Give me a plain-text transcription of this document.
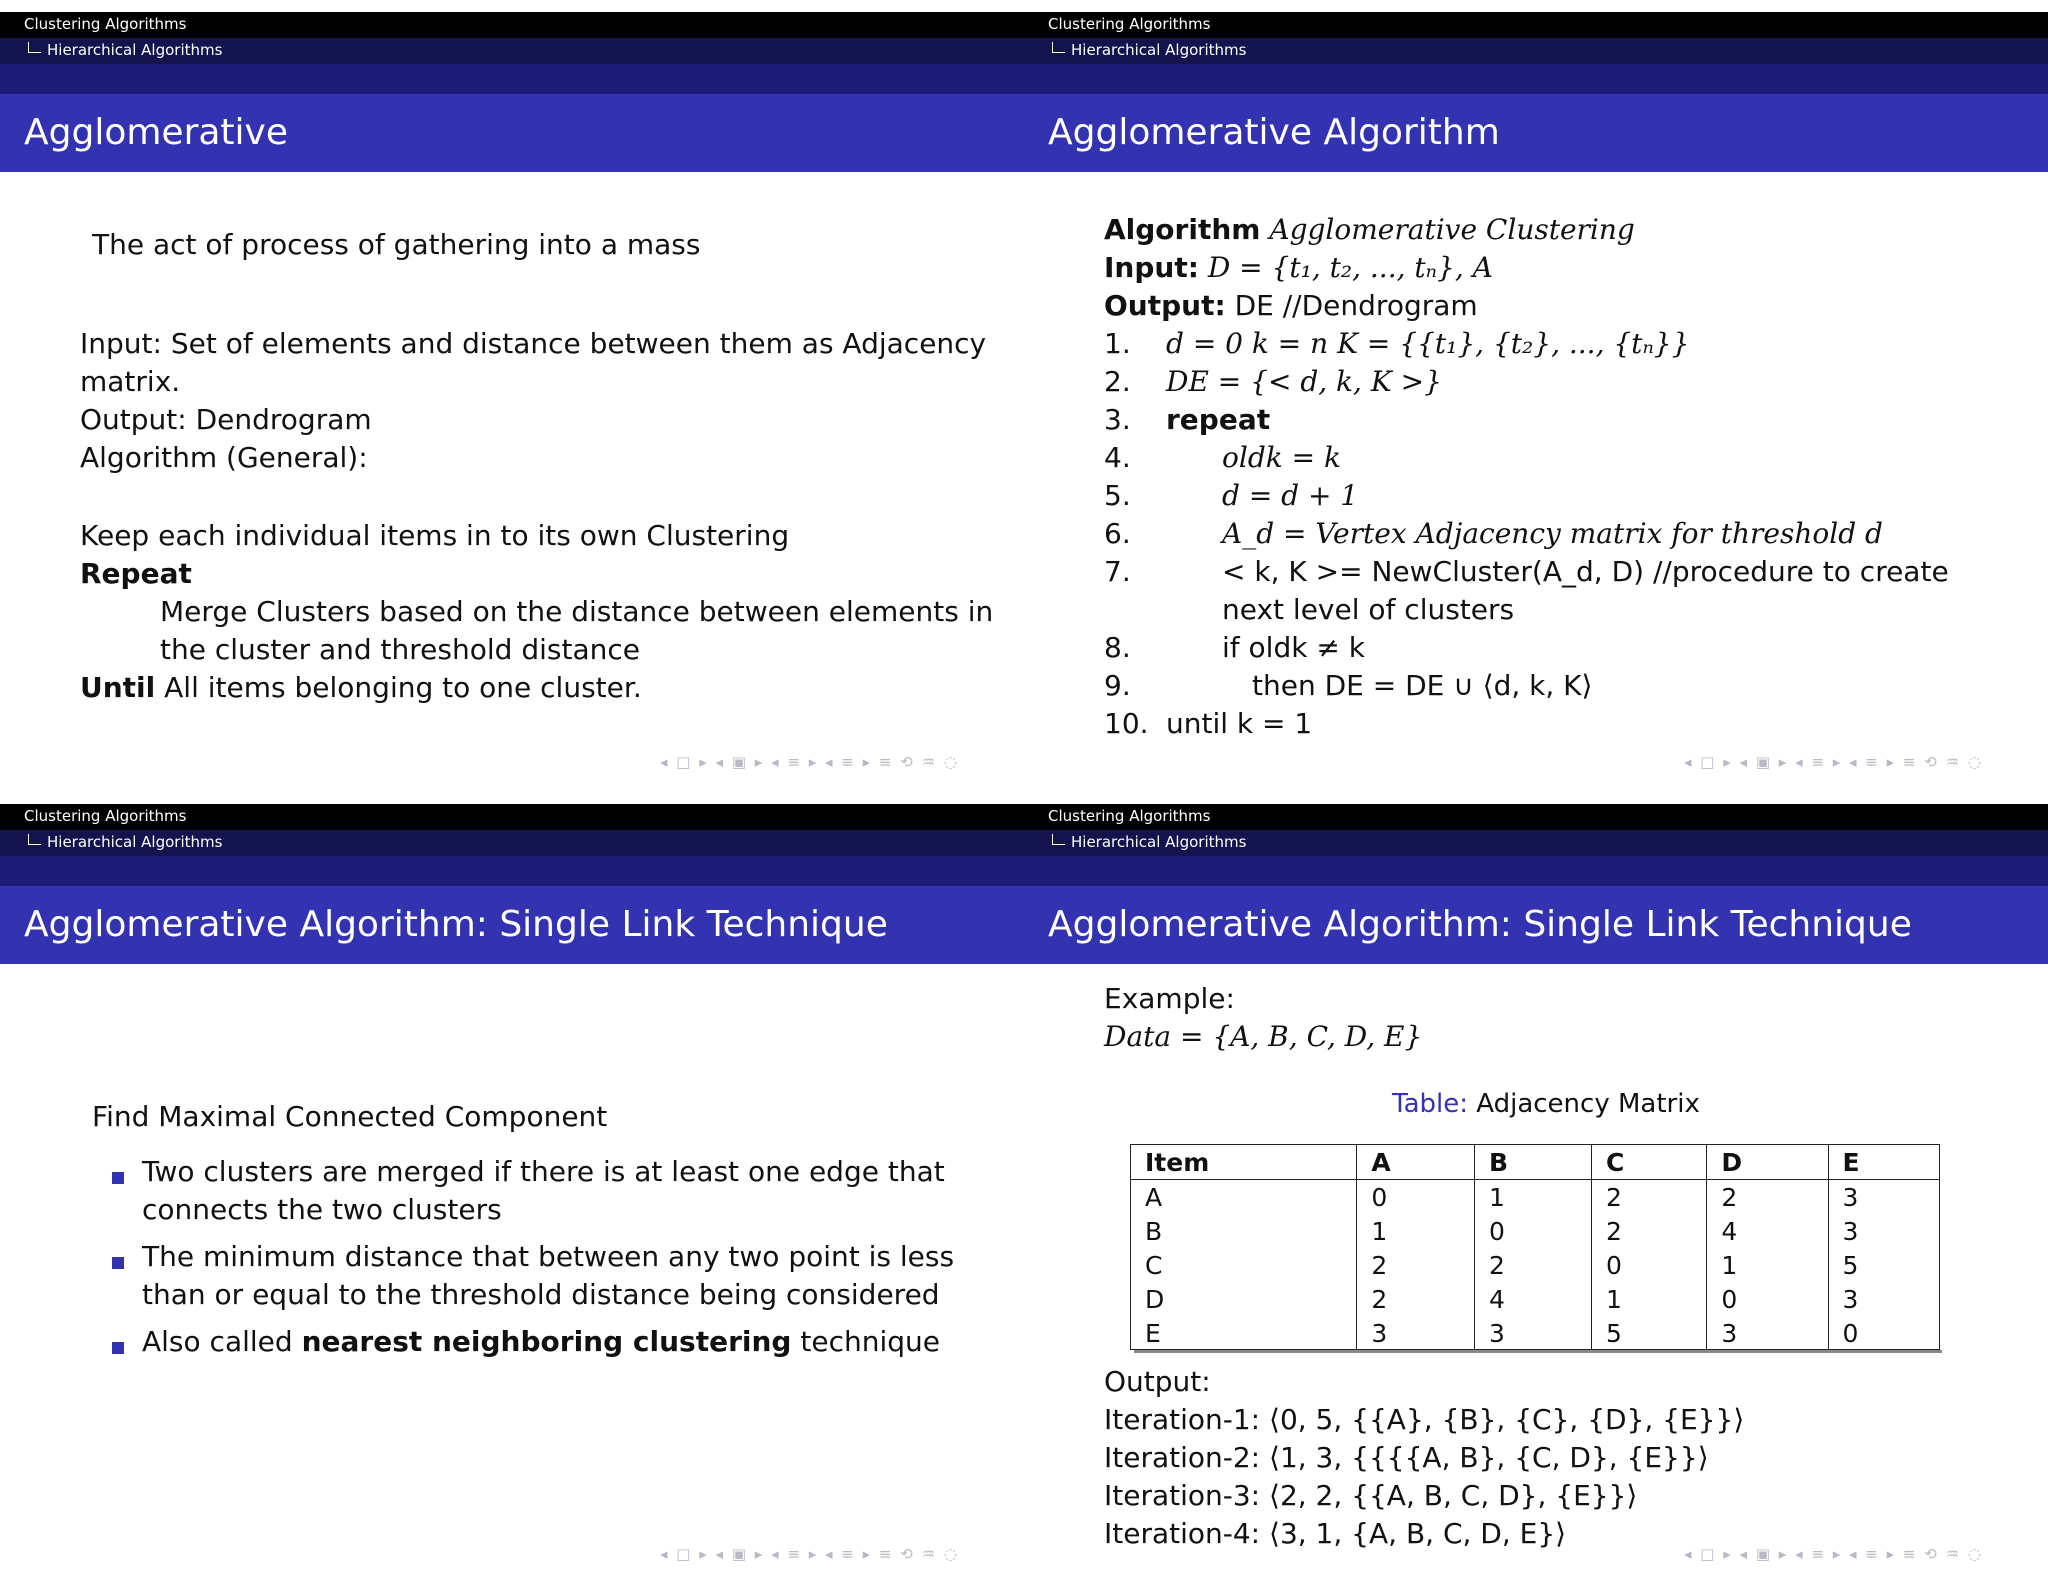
Clustering Algorithms
Hierarchical Algorithms
Agglomerative
The act of process of gathering into a mass
Input: Set of elements and distance between them as Adjacency
matrix.
Output: Dendrogram
Algorithm (General):
Keep each individual items in to its own Clustering
Repeat
Merge Clusters based on the distance between elements in
the cluster and threshold distance
Until All items belonging to one cluster.
◂ □ ▸ ◂ ▣ ▸ ◂ ≡ ▸ ◂ ≡ ▸ ≡ ⟲ ♒ ◌
Clustering Algorithms
Hierarchical Algorithms
Agglomerative Algorithm
Algorithm Agglomerative Clustering
Input: D = {t₁, t₂, ..., tₙ}, A
Output: DE //Dendrogram
1. d = 0 k = n K = {{t₁}, {t₂}, ..., {tₙ}}
2. DE = {< d, k, K >}
3. repeat
4.	oldk = k
5.	d = d + 1
6.	A_d = Vertex Adjacency matrix for threshold d
7.	< k, K >= NewCluster(A_d, D) //procedure to create
next level of clusters
8.	if oldk ≠ k
9.	then DE = DE ∪ ⟨d, k, K⟩
10. until k = 1
◂ □ ▸ ◂ ▣ ▸ ◂ ≡ ▸ ◂ ≡ ▸ ≡ ⟲ ♒ ◌
Clustering Algorithms
Hierarchical Algorithms
Agglomerative Algorithm: Single Link Technique
Find Maximal Connected Component
Two clusters are merged if there is at least one edge that
connects the two clusters
The minimum distance that between any two point is less
than or equal to the threshold distance being considered
Also called nearest neighboring clustering technique
◂ □ ▸ ◂ ▣ ▸ ◂ ≡ ▸ ◂ ≡ ▸ ≡ ⟲ ♒ ◌
Clustering Algorithms
Hierarchical Algorithms
Agglomerative Algorithm: Single Link Technique
Example:
Data = {A, B, C, D, E}
Table: Adjacency Matrix
Item	A	B	C	D	E
A	0	1	2	2	3
B	1	0	2	4	3
C	2	2	0	1	5
D	2	4	1	0	3
E	3	3	5	3	0
Output:
Iteration-1: ⟨0, 5, {{A}, {B}, {C}, {D}, {E}}⟩
Iteration-2: ⟨1, 3, {{{{A, B}, {C, D}, {E}}⟩
Iteration-3: ⟨2, 2, {{A, B, C, D}, {E}}⟩
Iteration-4: ⟨3, 1, {A, B, C, D, E}⟩
◂ □ ▸ ◂ ▣ ▸ ◂ ≡ ▸ ◂ ≡ ▸ ≡ ⟲ ♒ ◌
